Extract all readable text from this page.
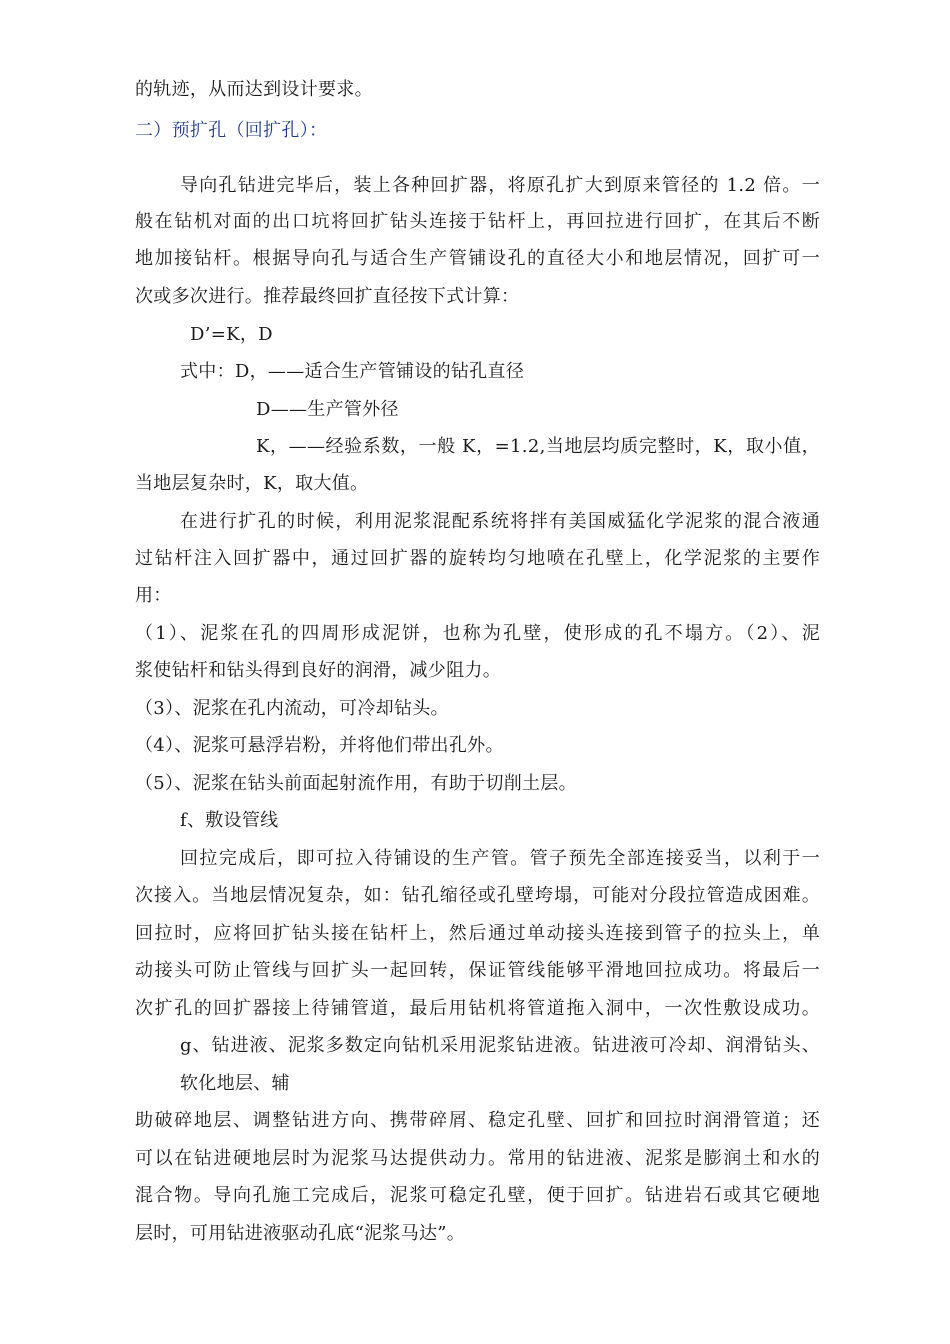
的轨迹，从而达到设计要求。
二）预扩孔（回扩孔）：
导向孔钻进完毕后，装上各种回扩器，将原孔扩大到原来管径的 1.2 倍。一
般在钻机对面的出口坑将回扩钻头连接于钻杆上，再回拉进行回扩，在其后不断
地加接钻杆。根据导向孔与适合生产管铺设孔的直径大小和地层情况，回扩可一
次或多次进行。推荐最终回扩直径按下式计算：
D’=K，D
式中：D，——适合生产管铺设的钻孔直径
D——生产管外径
K，——经验系数，一般 K，=1.2,当地层均质完整时，K，取小值，
当地层复杂时，K，取大值。
在进行扩孔的时候，利用泥浆混配系统将拌有美国威猛化学泥浆的混合液通
过钻杆注入回扩器中，通过回扩器的旋转均匀地喷在孔壁上，化学泥浆的主要作
用：
（1）、泥浆在孔的四周形成泥饼，也称为孔壁，使形成的孔不塌方。（2）、泥
浆使钻杆和钻头得到良好的润滑，减少阻力。
（3）、泥浆在孔内流动，可冷却钻头。
（4）、泥浆可悬浮岩粉，并将他们带出孔外。
（5）、泥浆在钻头前面起射流作用，有助于切削土层。
f、敷设管线
回拉完成后，即可拉入待铺设的生产管。管子预先全部连接妥当，以利于一
次接入。当地层情况复杂，如：钻孔缩径或孔壁垮塌，可能对分段拉管造成困难。
回拉时，应将回扩钻头接在钻杆上，然后通过单动接头连接到管子的拉头上，单
动接头可防止管线与回扩头一起回转，保证管线能够平滑地回拉成功。将最后一
次扩孔的回扩器接上待铺管道，最后用钻机将管道拖入洞中，一次性敷设成功。
g、钻进液、泥浆多数定向钻机采用泥浆钻进液。钻进液可冷却、润滑钻头、
软化地层、辅
助破碎地层、调整钻进方向、携带碎屑、稳定孔壁、回扩和回拉时润滑管道；还
可以在钻进硬地层时为泥浆马达提供动力。常用的钻进液、泥浆是膨润土和水的
混合物。导向孔施工完成后，泥浆可稳定孔壁，便于回扩。钻进岩石或其它硬地
层时，可用钻进液驱动孔底“泥浆马达”。
